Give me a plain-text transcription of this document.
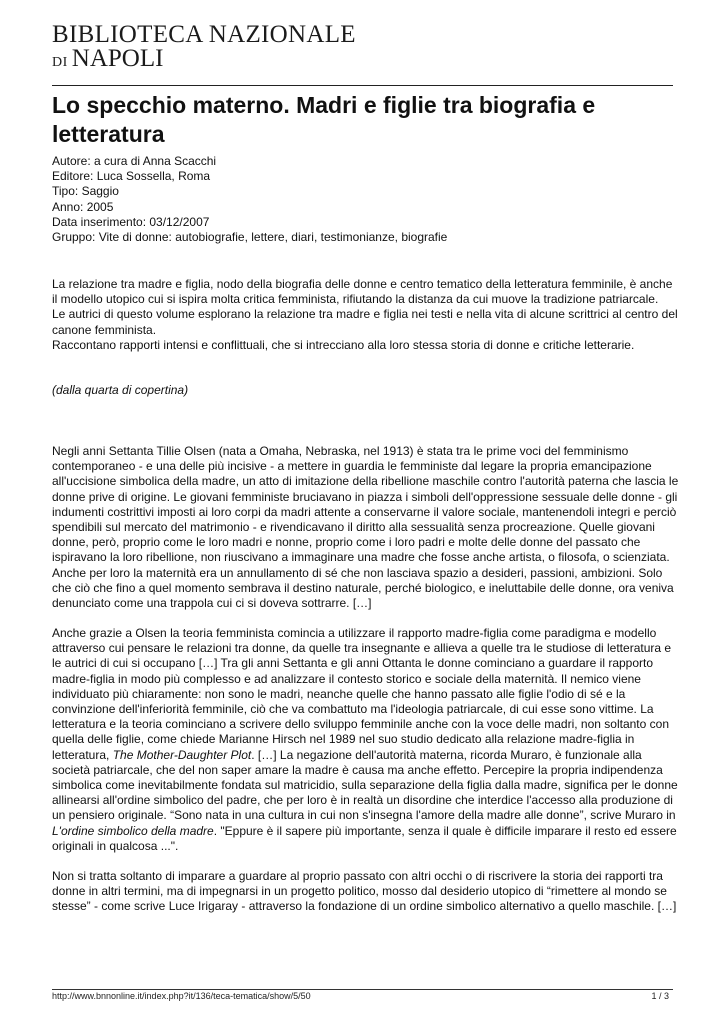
BIBLIOTECA NAZIONALE
DI NAPOLI
Lo specchio materno. Madri e figlie tra biografia e letteratura
Autore: a cura di Anna Scacchi
Editore: Luca Sossella, Roma
Tipo: Saggio
Anno: 2005
Data inserimento: 03/12/2007
Gruppo: Vite di donne: autobiografie, lettere, diari, testimonianze, biografie

La relazione tra madre e figlia, nodo della biografia delle donne e centro tematico della letteratura femminile, è anche il modello utopico cui si ispira molta critica femminista, rifiutando la distanza da cui muove la tradizione patriarcale.

Le autrici di questo volume esplorano la relazione tra madre e figlia nei testi e nella vita di alcune scrittrici al centro del canone femminista.

Raccontano rapporti intensi e conflittuali, che si intrecciano alla loro stessa storia di donne e critiche letterarie.

(dalla quarta di copertina)

Negli anni Settanta Tillie Olsen (nata a Omaha, Nebraska, nel 1913) è stata tra le prime voci del femminismo contemporaneo - e una delle più incisive - a mettere in guardia le femministe dal legare la propria emancipazione all'uccisione simbolica della madre, un atto di imitazione della ribellione maschile contro l'autorità paterna che lascia le donne prive di origine. Le giovani femministe bruciavano in piazza i simboli dell'oppressione sessuale delle donne - gli indumenti costrittivi imposti ai loro corpi da madri attente a conservarne il valore sociale, mantenendoli integri e perciò spendibili sul mercato del matrimonio - e rivendicavano il diritto alla sessualità senza procreazione. Quelle giovani donne, però, proprio come le loro madri e nonne, proprio come i loro padri e molte delle donne del passato che ispiravano la loro ribellione, non riuscivano a immaginare una madre che fosse anche artista, o filosofa, o scienziata. Anche per loro la maternità era un annullamento di sé che non lasciava spazio a desideri, passioni, ambizioni. Solo che ciò che fino a quel momento sembrava il destino naturale, perché biologico, e ineluttabile delle donne, ora veniva denunciato come una trappola cui ci si doveva sottrarre. […]

Anche grazie a Olsen la teoria femminista comincia a utilizzare il rapporto madre-figlia come paradigma e modello attraverso cui pensare le relazioni tra donne, da quelle tra insegnante e allieva a quelle tra le studiose di letteratura e le autrici di cui si occupano […] Tra gli anni Settanta e gli anni Ottanta le donne cominciano a guardare il rapporto madre-figlia in modo più complesso e ad analizzare il contesto storico e sociale della maternità. Il nemico viene individuato più chiaramente: non sono le madri, neanche quelle che hanno passato alle figlie l'odio di sé e la convinzione dell'inferiorità femminile, ciò che va combattuto ma l'ideologia patriarcale, di cui esse sono vittime. La letteratura e la teoria cominciano a scrivere dello sviluppo femminile anche con la voce delle madri, non soltanto con quella delle figlie, come chiede Marianne Hirsch nel 1989 nel suo studio dedicato alla relazione madre-figlia in letteratura, The Mother-Daughter Plot. […] La negazione dell'autorità materna, ricorda Muraro, è funzionale alla società patriarcale, che del non saper amare la madre è causa ma anche effetto. Percepire la propria indipendenza simbolica come inevitabilmente fondata sul matricidio, sulla separazione della figlia dalla madre, significa per le donne allinearsi all'ordine simbolico del padre, che per loro è in realtà un disordine che interdice l'accesso alla produzione di un pensiero originale. “Sono nata in una cultura in cui non s'insegna l'amore della madre alle donne”, scrive Muraro in L'ordine simbolico della madre. "Eppure è il sapere più importante, senza il quale è difficile imparare il resto ed essere originali in qualcosa ...".

Non si tratta soltanto di imparare a guardare al proprio passato con altri occhi o di riscrivere la storia dei rapporti tra donne in altri termini, ma di impegnarsi in un progetto politico, mosso dal desiderio utopico di “rimettere al mondo se stesse” - come scrive Luce Irigaray - attraverso la fondazione di un ordine simbolico alternativo a quello maschile. […]

http://www.bnnonline.it/index.php?it/136/teca-tematica/show/5/50	1 / 3
